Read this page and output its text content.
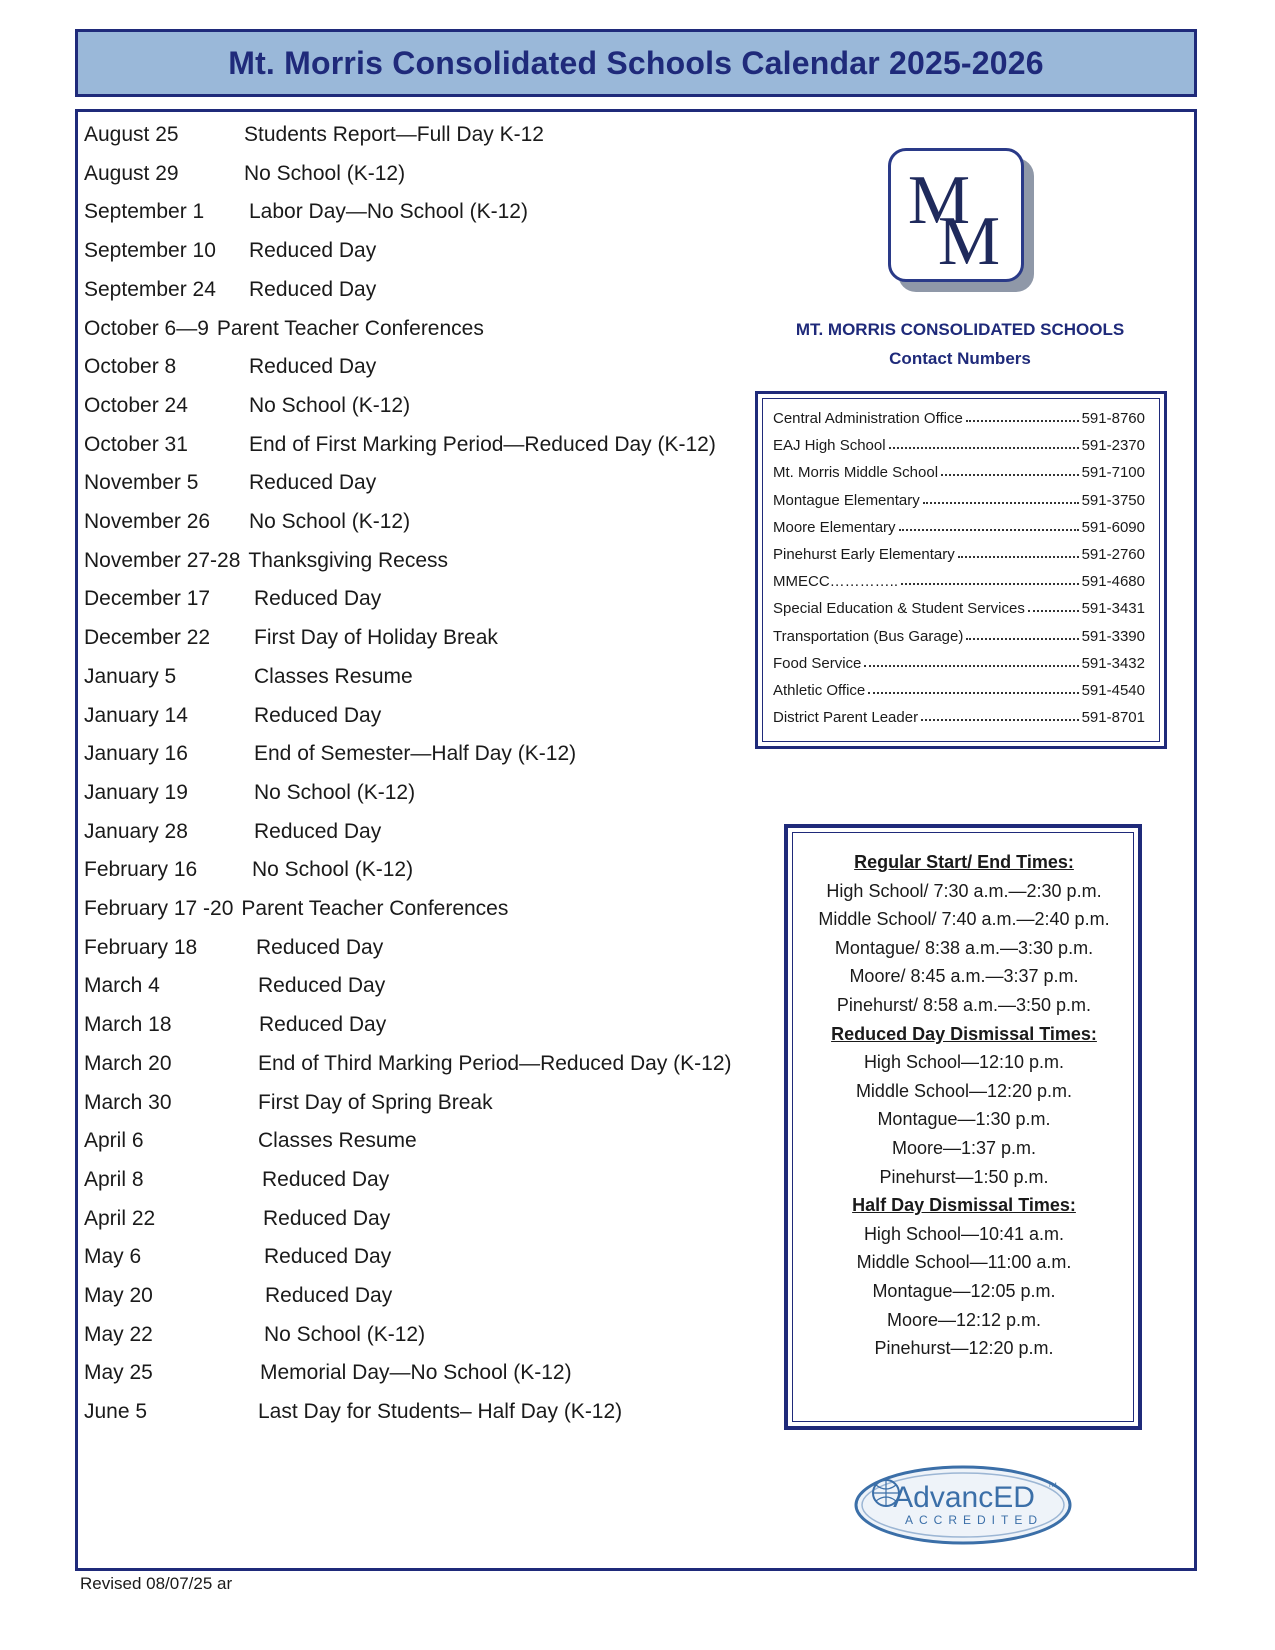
Mt. Morris Consolidated Schools Calendar 2025-2026
August 25	Students Report—Full Day K-12
August 29	No School (K-12)
September 1 Labor Day—No School (K-12)
September 10 Reduced Day
September 24 Reduced Day
October 6—9 Parent Teacher Conferences
October 8	Reduced Day
October 24	No School (K-12)
October 31	End of First Marking Period—Reduced Day (K-12)
November 5 Reduced Day
November 26 No School (K-12)
November 27-28 Thanksgiving Recess
December 17 Reduced Day
December 22 First Day of Holiday Break
January 5	Classes Resume
January 14	Reduced Day
January 16	End of Semester—Half Day (K-12)
January 19	No School (K-12)
January 28	Reduced Day
February 16	No School (K-12)
February 17 -20 Parent Teacher Conferences
February 18	Reduced Day
March 4	Reduced Day
March 18	Reduced Day
March 20	End of Third Marking Period—Reduced Day (K-12)
March 30	First Day of Spring Break
April 6	Classes Resume
April 8	Reduced Day
April 22	Reduced Day
May 6	Reduced Day
May 20	Reduced Day
May 22	No School (K-12)
May 25	Memorial Day—No School (K-12)
June 5	Last Day for Students– Half Day (K-12)
M
M
MT. MORRIS CONSOLIDATED SCHOOLS
Contact Numbers
Central Administration Office	591-8760
EAJ High School	591-2370
Mt. Morris Middle School	591-7100
Montague Elementary	591-3750
Moore Elementary	591-6090
Pinehurst Early Elementary	591-2760
MMECC…………..	591-4680
Special Education & Student Services	591-3431
Transportation (Bus Garage)	591-3390
Food Service	591-3432
Athletic Office	591-4540
District Parent Leader	591-8701
Regular Start/ End Times:
High School/ 7:30 a.m.—2:30 p.m.
Middle School/ 7:40 a.m.—2:40 p.m.
Montague/ 8:38 a.m.—3:30 p.m.
Moore/ 8:45 a.m.—3:37 p.m.
Pinehurst/ 8:58 a.m.—3:50 p.m.
Reduced Day Dismissal Times:
High School—12:10 p.m.
Middle School—12:20 p.m.
Montague—1:30 p.m.
Moore—1:37 p.m.
Pinehurst—1:50 p.m.
Half Day Dismissal Times:
High School—10:41 a.m.
Middle School—11:00 a.m.
Montague—12:05 p.m.
Moore—12:12 p.m.
Pinehurst—12:20 p.m.
AdvancED TM
ACCREDITED
Revised 08/07/25 ar
